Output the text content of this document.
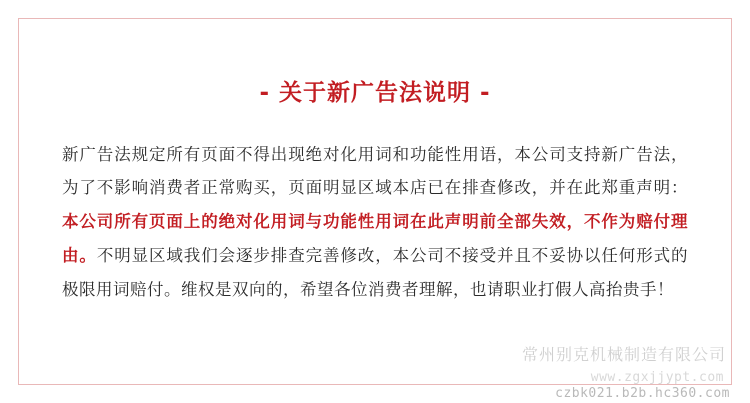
- 关于新广告法说明 -

新广告法规定所有页面不得出现绝对化用词和功能性用语，本公司支持新广告法，为了不影响消费者正常购买，页面明显区域本店已在排查修改，并在此郑重声明：本公司所有页面上的绝对化用词与功能性用词在此声明前全部失效，不作为赔付理由。不明显区域我们会逐步排查完善修改，本公司不接受并且不妥协以任何形式的极限用词赔付。维权是双向的，希望各位消费者理解，也请职业打假人高抬贵手！

常州别克机械制造有限公司
www.zgxjjypt.com
czbk021.b2b.hc360.com
